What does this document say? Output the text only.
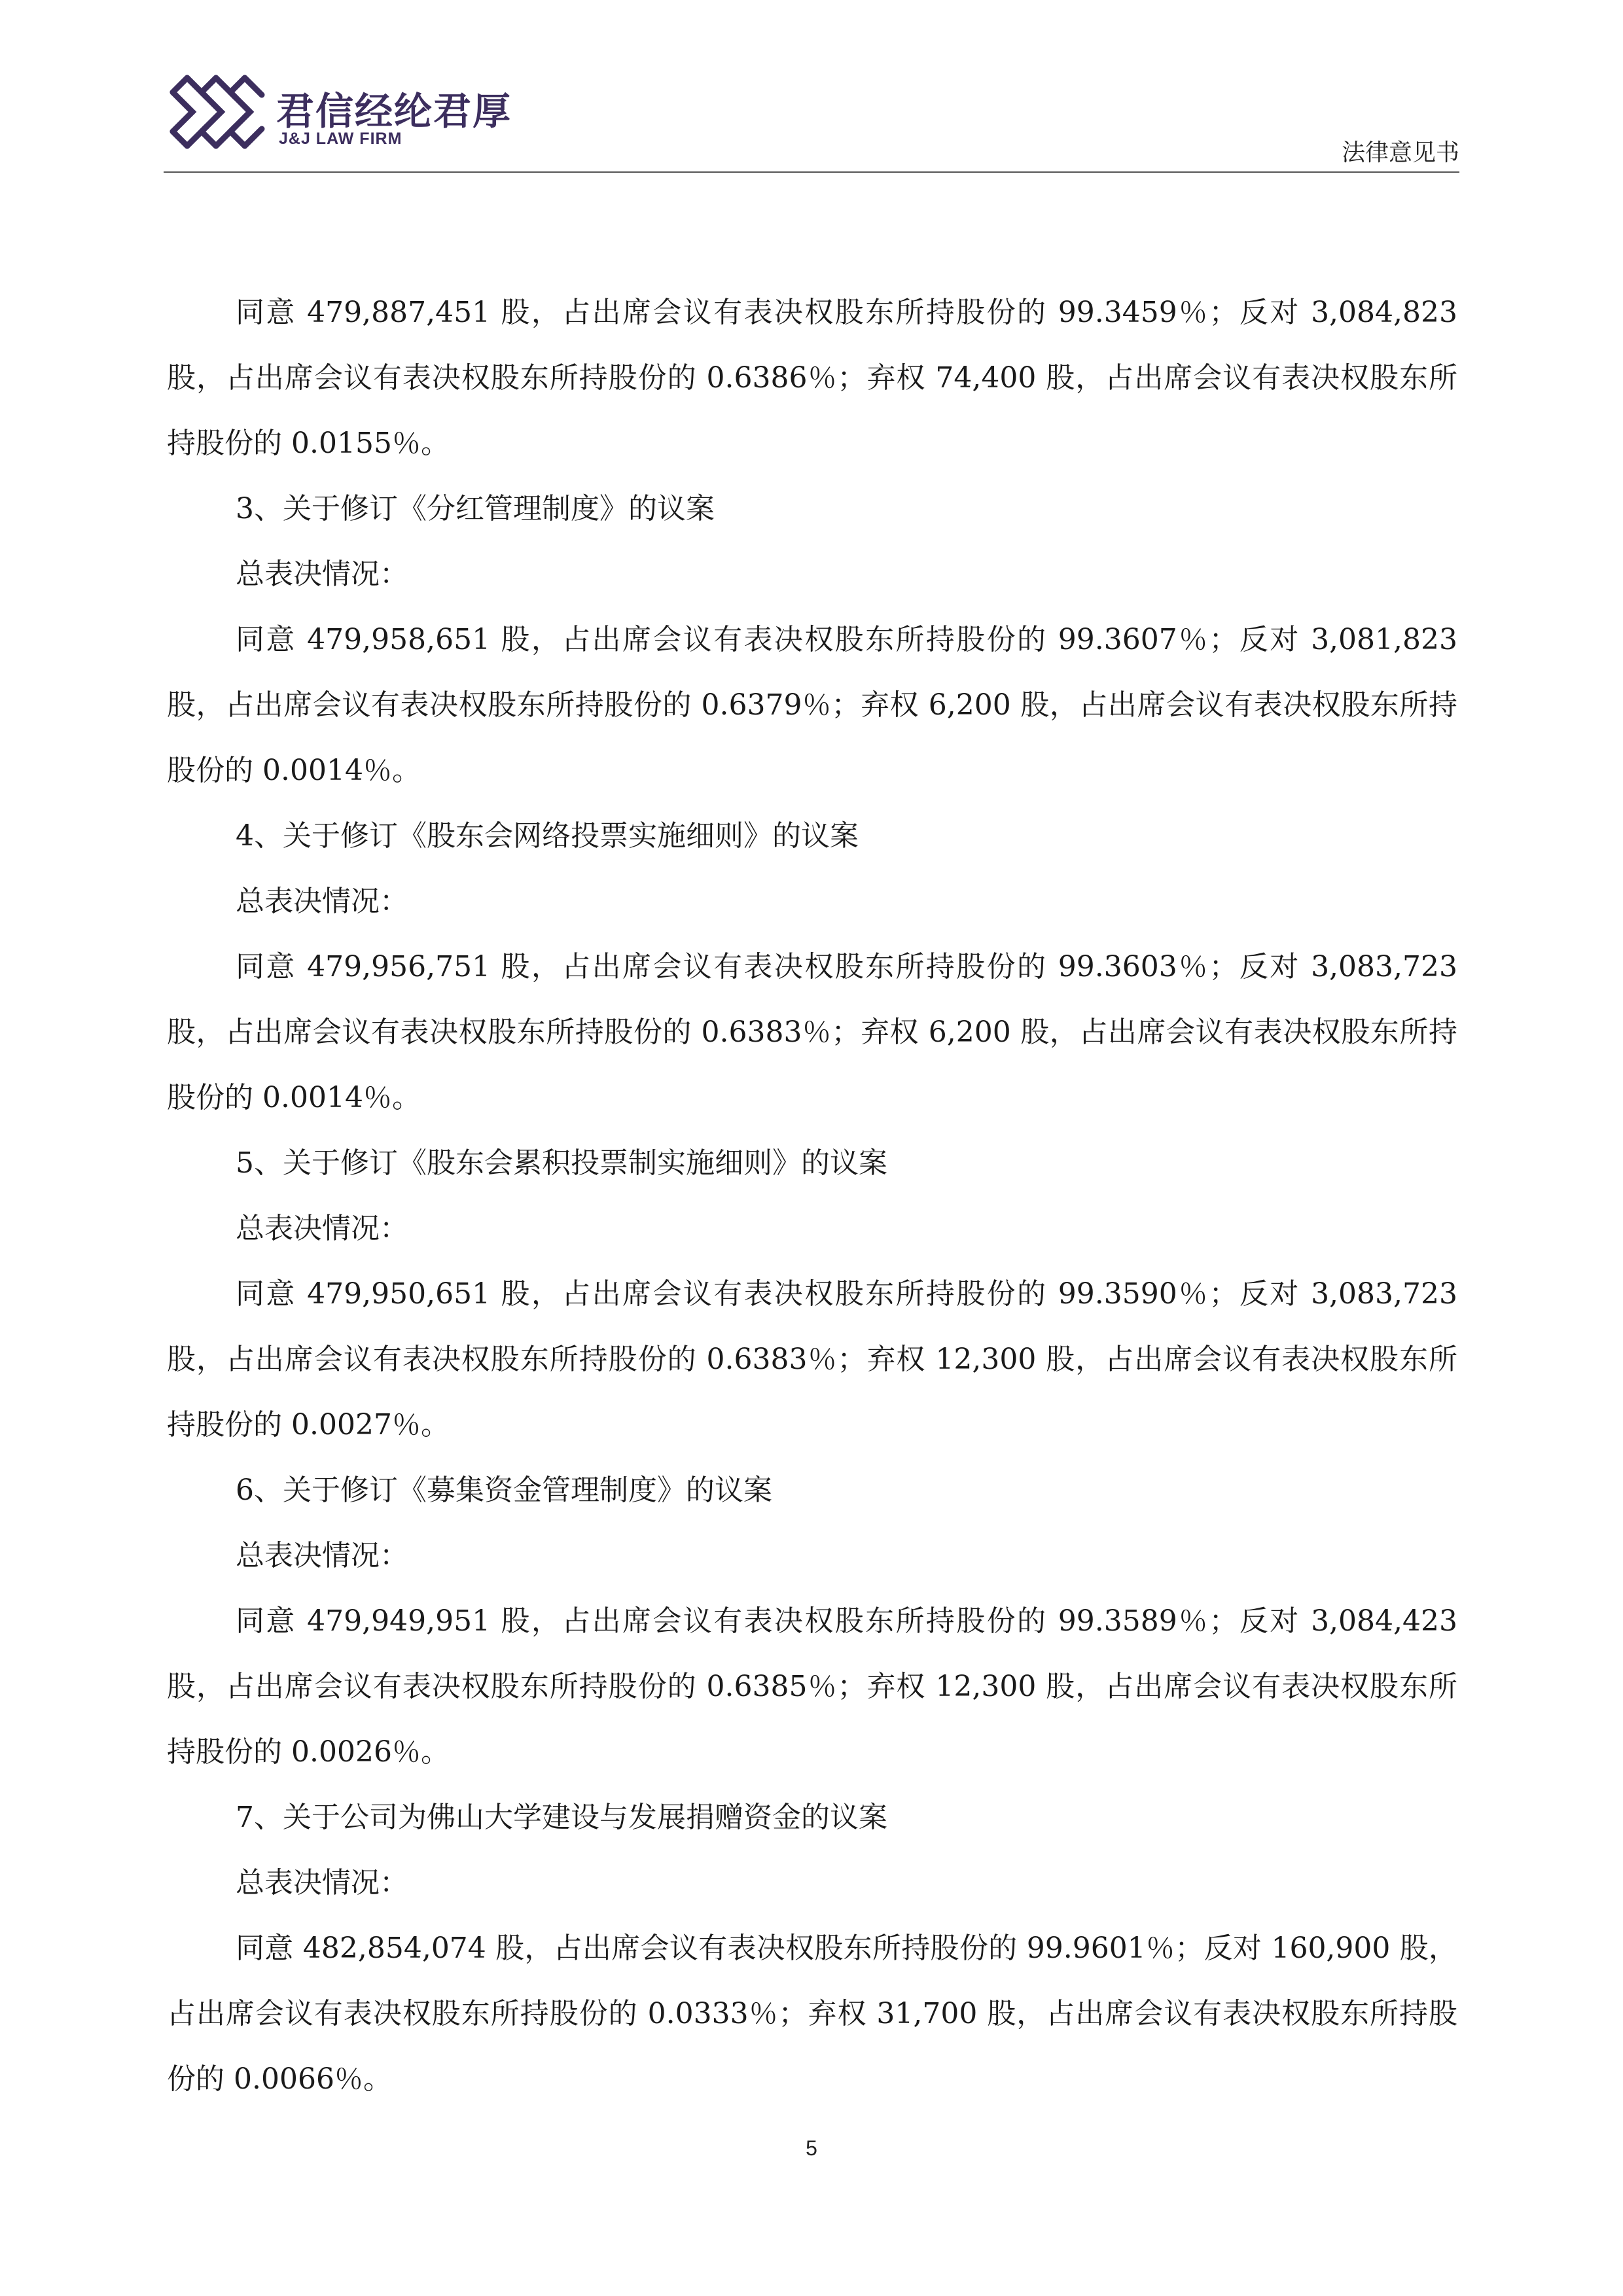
君信经纶君厚
J&J LAW FIRM
法律意见书

同意 479,887,451 股，占出席会议有表决权股东所持股份的 99.3459％；反对 3,084,823 股，占出席会议有表决权股东所持股份的 0.6386％；弃权 74,400 股，占出席会议有表决权股东所持股份的 0.0155％。

3、关于修订《分红管理制度》的议案

总表决情况：

同意 479,958,651 股，占出席会议有表决权股东所持股份的 99.3607％；反对 3,081,823 股，占出席会议有表决权股东所持股份的 0.6379％；弃权 6,200 股，占出席会议有表决权股东所持股份的 0.0014％。

4、关于修订《股东会网络投票实施细则》的议案

总表决情况：

同意 479,956,751 股，占出席会议有表决权股东所持股份的 99.3603％；反对 3,083,723 股，占出席会议有表决权股东所持股份的 0.6383％；弃权 6,200 股，占出席会议有表决权股东所持股份的 0.0014％。

5、关于修订《股东会累积投票制实施细则》的议案

总表决情况：

同意 479,950,651 股，占出席会议有表决权股东所持股份的 99.3590％；反对 3,083,723 股，占出席会议有表决权股东所持股份的 0.6383％；弃权 12,300 股，占出席会议有表决权股东所持股份的 0.0027％。

6、关于修订《募集资金管理制度》的议案

总表决情况：

同意 479,949,951 股，占出席会议有表决权股东所持股份的 99.3589％；反对 3,084,423 股，占出席会议有表决权股东所持股份的 0.6385％；弃权 12,300 股，占出席会议有表决权股东所持股份的 0.0026％。

7、关于公司为佛山大学建设与发展捐赠资金的议案

总表决情况：

同意 482,854,074 股，占出席会议有表决权股东所持股份的 99.9601％；反对 160,900 股，占出席会议有表决权股东所持股份的 0.0333％；弃权 31,700 股，占出席会议有表决权股东所持股份的 0.0066％。

5
